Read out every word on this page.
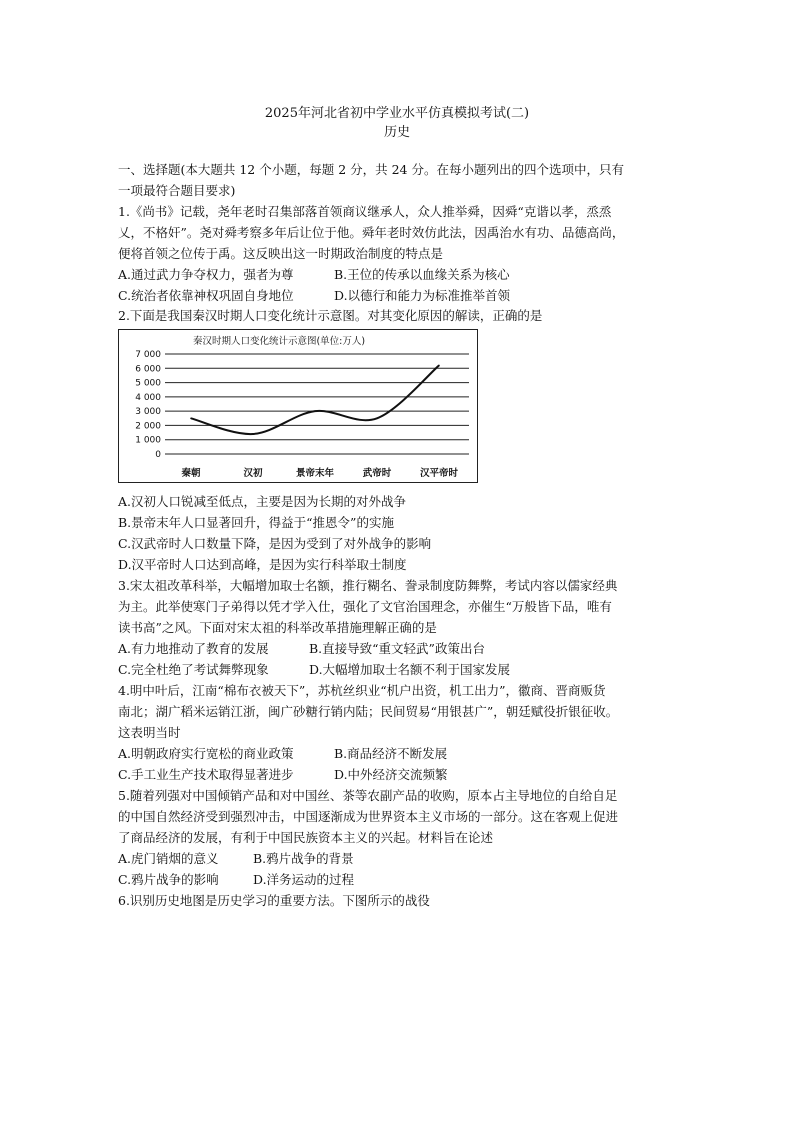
2025年河北省初中学业水平仿真模拟考试(二)
历史
一、选择题(本大题共 12 个小题，每题 2 分，共 24 分。在每小题列出的四个选项中，只有
一项最符合题目要求)
1.《尚书》记载，尧年老时召集部落首领商议继承人，众人推举舜，因舜“克谐以孝，烝烝
乂，不格奸”。尧对舜考察多年后让位于他。舜年老时效仿此法，因禹治水有功、品德高尚，
便将首领之位传于禹。这反映出这一时期政治制度的特点是
A.通过武力争夺权力，强者为尊	B.王位的传承以血缘关系为核心
C.统治者依靠神权巩固自身地位	D.以德行和能力为标准推举首领
2.下面是我国秦汉时期人口变化统计示意图。对其变化原因的解读，正确的是
秦汉时期人口变化统计示意图(单位:万人)
7 000
6 000
5 000
4 000
3 000
2 000
1 000
0
秦朝	汉初	景帝末年	武帝时	汉平帝时
A.汉初人口锐减至低点，主要是因为长期的对外战争
B.景帝末年人口显著回升，得益于“推恩令”的实施
C.汉武帝时人口数量下降，是因为受到了对外战争的影响
D.汉平帝时人口达到高峰，是因为实行科举取士制度
3.宋太祖改革科举，大幅增加取士名额，推行糊名、誊录制度防舞弊，考试内容以儒家经典
为主。此举使寒门子弟得以凭才学入仕，强化了文官治国理念，亦催生“万般皆下品，唯有
读书高”之风。下面对宋太祖的科举改革措施理解正确的是
A.有力地推动了教育的发展	B.直接导致“重文轻武”政策出台
C.完全杜绝了考试舞弊现象	D.大幅增加取士名额不利于国家发展
4.明中叶后，江南“棉布衣被天下”，苏杭丝织业“机户出资，机工出力”，徽商、晋商贩货
南北；湖广稻米运销江浙，闽广砂糖行销内陆；民间贸易“用银甚广”，朝廷赋役折银征收。
这表明当时
A.明朝政府实行宽松的商业政策	B.商品经济不断发展
C.手工业生产技术取得显著进步	D.中外经济交流频繁
5.随着列强对中国倾销产品和对中国丝、茶等农副产品的收购，原本占主导地位的自给自足
的中国自然经济受到强烈冲击，中国逐渐成为世界资本主义市场的一部分。这在客观上促进
了商品经济的发展，有利于中国民族资本主义的兴起。材料旨在论述
A.虎门销烟的意义	B.鸦片战争的背景
C.鸦片战争的影响	D.洋务运动的过程
6.识别历史地图是历史学习的重要方法。下图所示的战役
